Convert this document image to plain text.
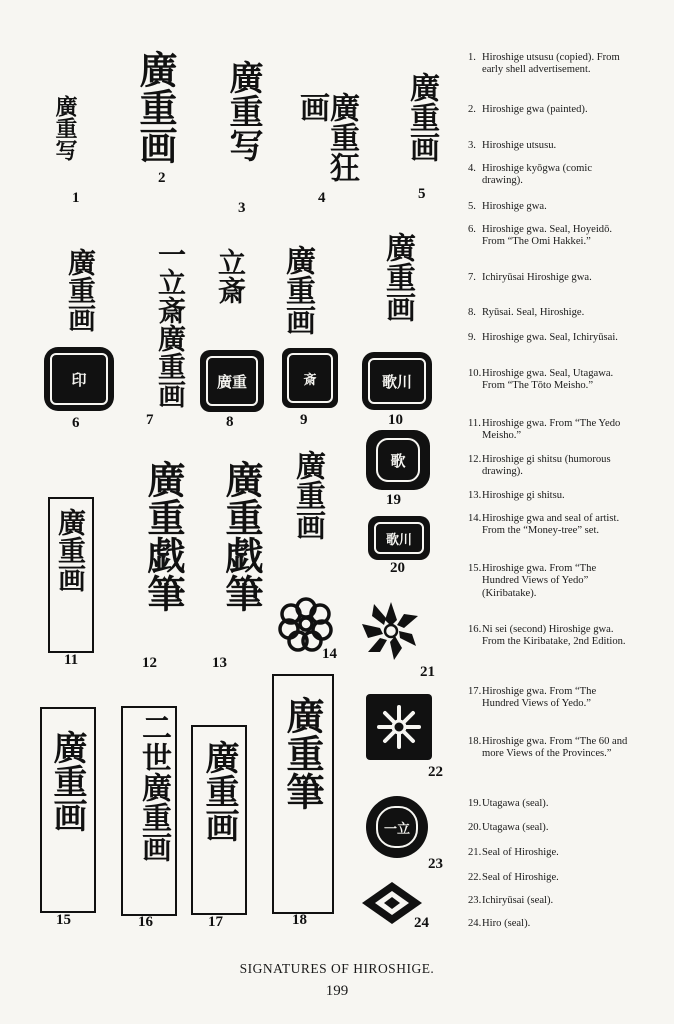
廣重写
1
廣重画
2
廣重写
3
廣重狂画
4
廣重画
5
廣重画
印
6
一立斎廣重画
7
立斎
廣重
8
廣重画
斎
9
廣重画
歌川
10
歌
19
歌川
20
廣重画
11
廣重戯筆
12
廣重戯筆
13
廣重画
14
21
22
一立
23
24
廣重画
15
二世廣重画
16
廣重画
17
廣重筆
18
1. Hiroshige utsusu (copied). From early shell advertisement.
2. Hiroshige gwa (painted).
3. Hiroshige utsusu.
4. Hiroshige kyōgwa (comic drawing).
5. Hiroshige gwa.
6. Hiroshige gwa. Seal, Hoyeidō. From “The Omi Hakkei.”
7. Ichiryūsai Hiroshige gwa.
8. Ryūsai. Seal, Hiroshige.
9. Hiroshige gwa. Seal, Ichiryūsai.
10. Hiroshige gwa. Seal, Utagawa. From “The Tōto Meisho.”
11. Hiroshige gwa. From “The Yedo Meisho.”
12. Hiroshige gi shitsu (humorous drawing).
13. Hiroshige gi shitsu.
14. Hiroshige gwa and seal of artist. From the “Money-tree” set.
15. Hiroshige gwa. From “The Hundred Views of Yedo” (Kiribatake).
16. Ni sei (second) Hiroshige gwa. From the Kiribatake, 2nd Edition.
17. Hiroshige gwa. From “The Hundred Views of Yedo.”
18. Hiroshige gwa. From “The 60 and more Views of the Provinces.”
19. Utagawa (seal).
20. Utagawa (seal).
21. Seal of Hiroshige.
22. Seal of Hiroshige.
23. Ichiryūsai (seal).
24. Hiro (seal).
SIGNATURES OF HIROSHIGE.
199
